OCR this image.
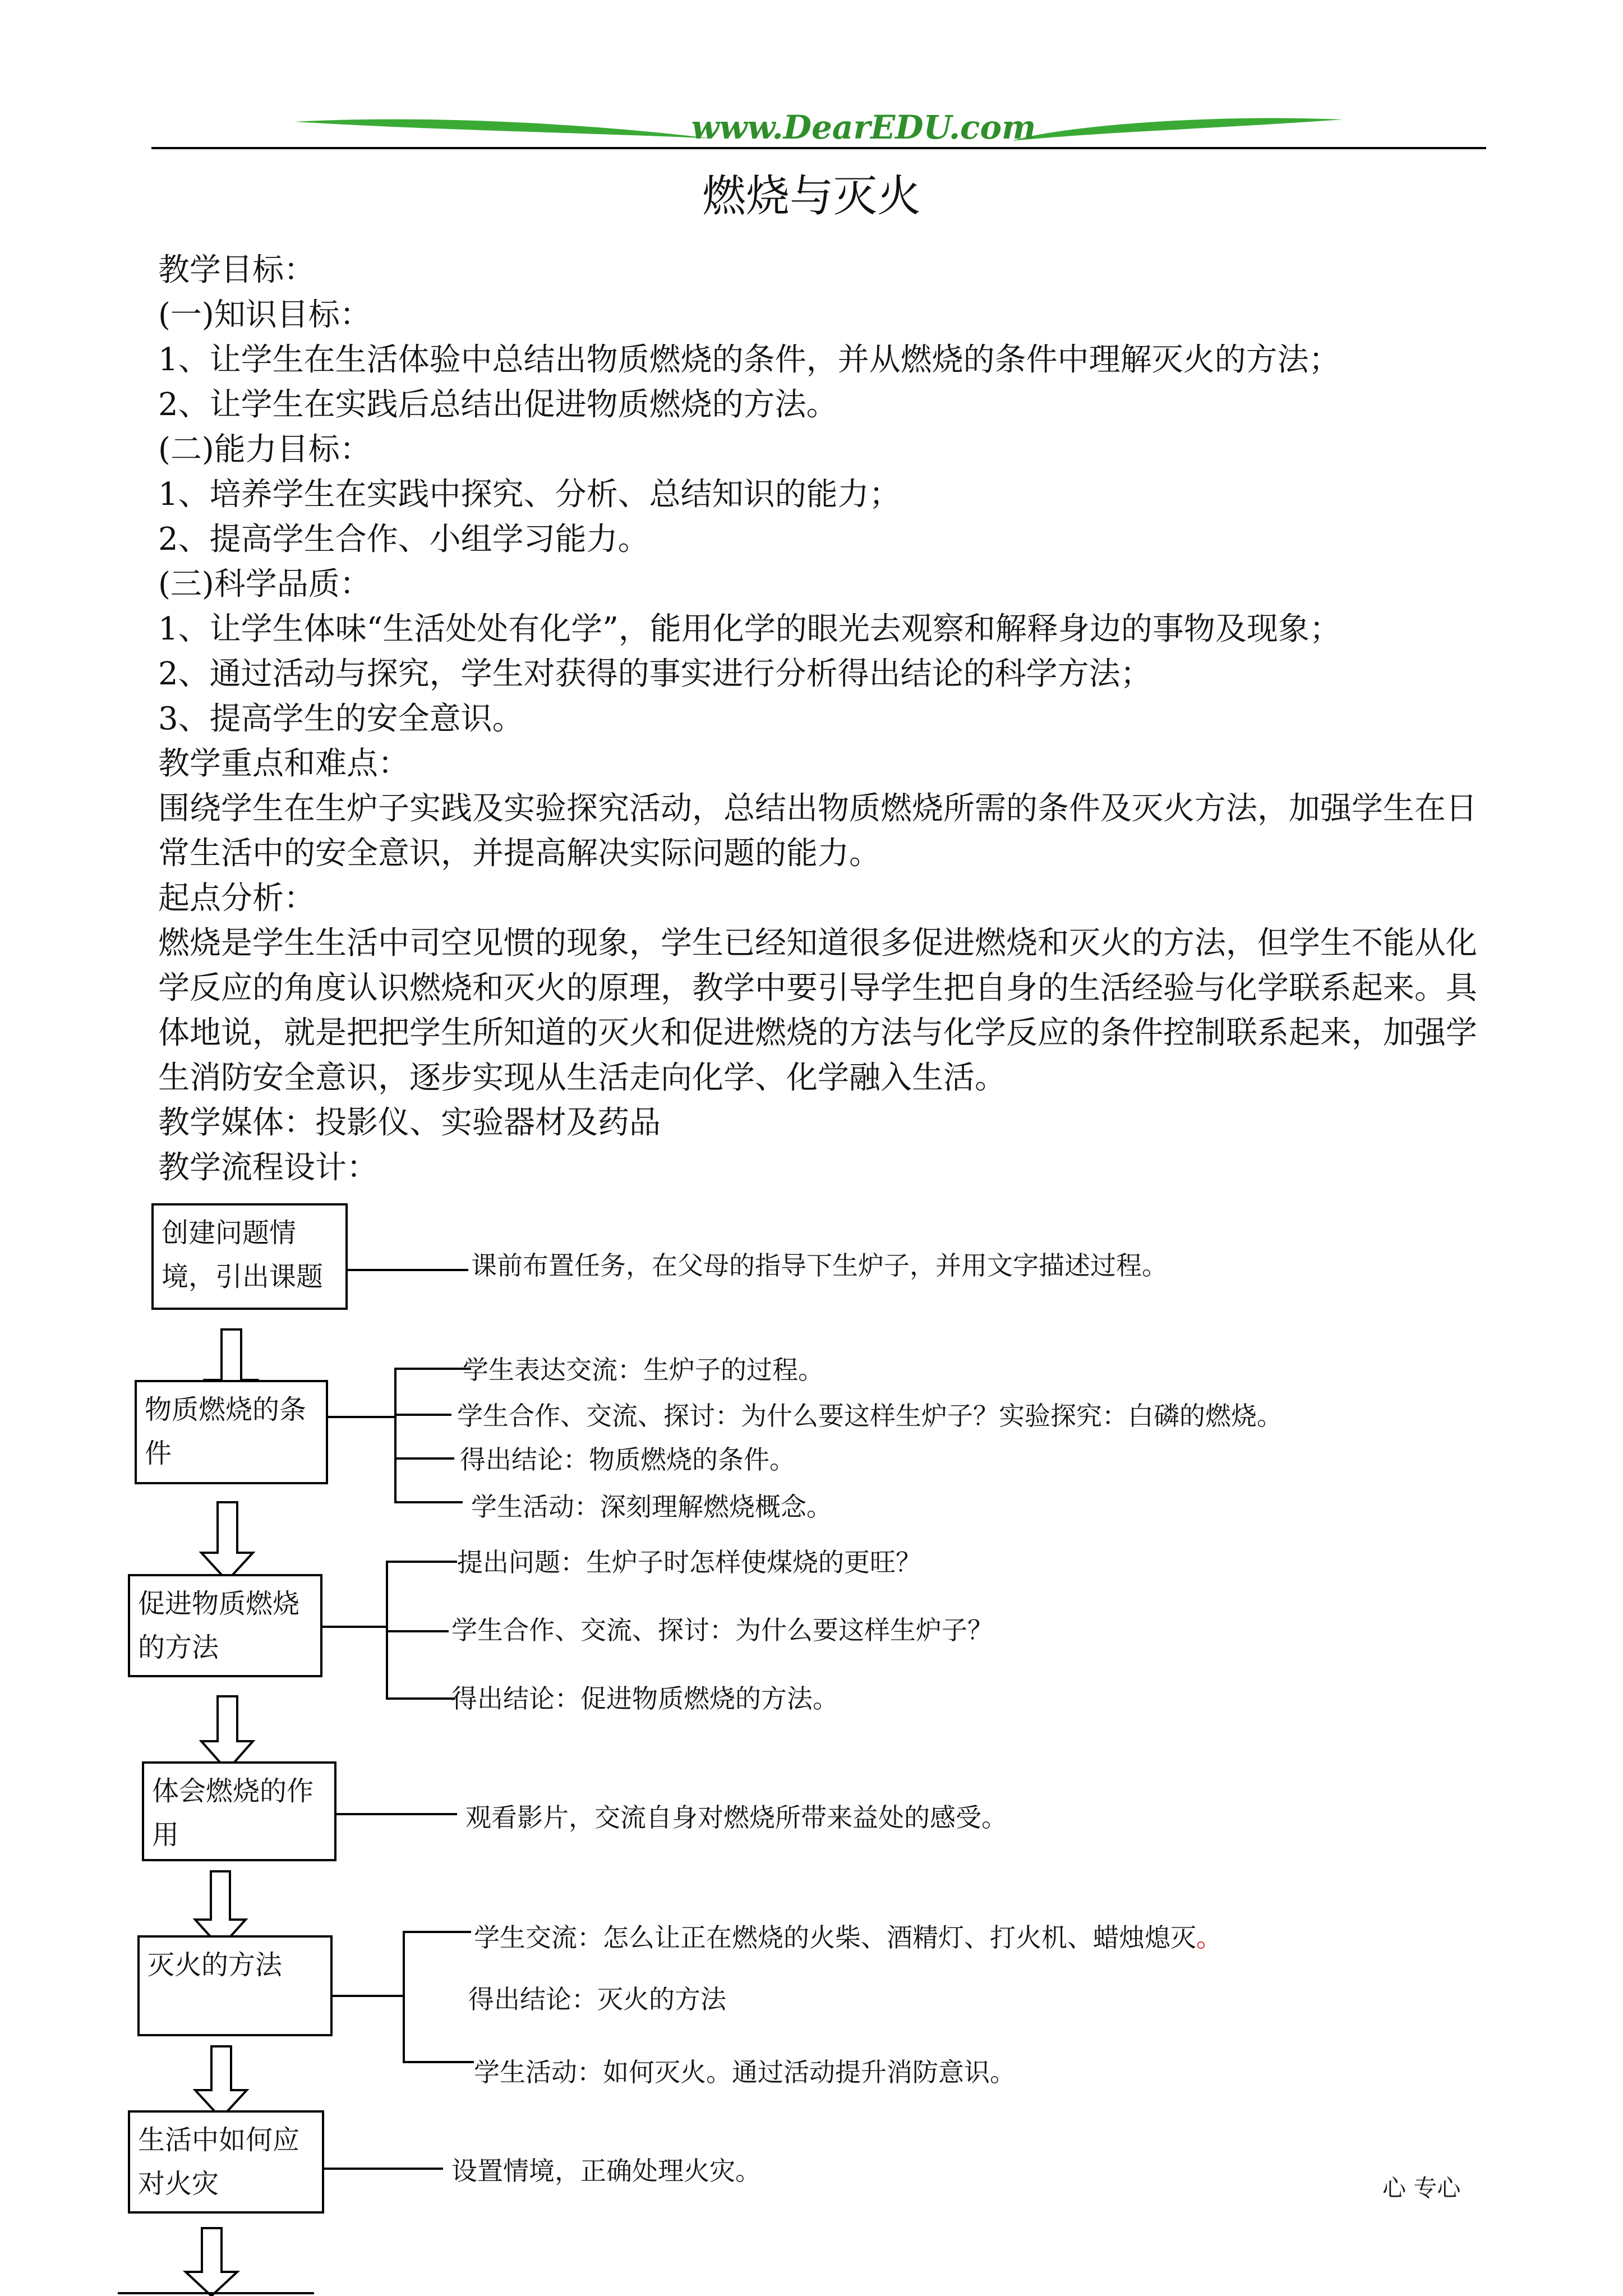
www.DearEDU.com
燃烧与灭火

教学目标：

(一)知识目标：

1、让学生在生活体验中总结出物质燃烧的条件，并从燃烧的条件中理解灭火的方法；

2、让学生在实践后总结出促进物质燃烧的方法。

(二)能力目标：

1、培养学生在实践中探究、分析、总结知识的能力；

2、提高学生合作、小组学习能力。

(三)科学品质：

1、让学生体味“生活处处有化学”，能用化学的眼光去观察和解释身边的事物及现象；

2、通过活动与探究，学生对获得的事实进行分析得出结论的科学方法；

3、提高学生的安全意识。

教学重点和难点：

围绕学生在生炉子实践及实验探究活动，总结出物质燃烧所需的条件及灭火方法，加强学生在日常生活中的安全意识，并提高解决实际问题的能力。

起点分析：

燃烧是学生生活中司空见惯的现象，学生已经知道很多促进燃烧和灭火的方法，但学生不能从化学反应的角度认识燃烧和灭火的原理，教学中要引导学生把自身的生活经验与化学联系起来。具体地说，就是把把学生所知道的灭火和促进燃烧的方法与化学反应的条件控制联系起来，加强学生消防安全意识，逐步实现从生活走向化学、化学融入生活。

教学媒体：投影仪、实验器材及药品

教学流程设计：

创建问题情境，引出课题
物质燃烧的条件
促进物质燃烧的方法
体会燃烧的作用
灭火的方法
生活中如何应对火灾
课前布置任务，在父母的指导下生炉子，并用文字描述过程。
学生表达交流：生炉子的过程。
学生合作、交流、探讨：为什么要这样生炉子？实验探究：白磷的燃烧。
得出结论：物质燃烧的条件。
学生活动：深刻理解燃烧概念。
提出问题：生炉子时怎样使煤烧的更旺？
学生合作、交流、探讨：为什么要这样生炉子？
得出结论：促进物质燃烧的方法。
观看影片，交流自身对燃烧所带来益处的感受。
学生交流：怎么让正在燃烧的火柴、酒精灯、打火机、蜡烛熄灭。
得出结论：灭火的方法
学生活动：如何灭火。通过活动提升消防意识。
设置情境，正确处理火灾。
心 专心
